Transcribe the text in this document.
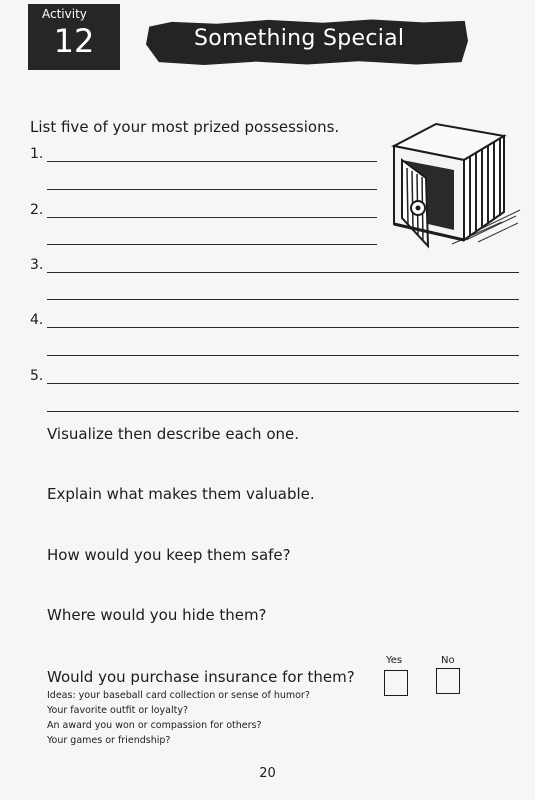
Activity
12	Something Special
List five of your most prized possessions.
1.
2.
3.
4.
5.
Visualize then describe each one.
Explain what makes them valuable.
How would you keep them safe?
Where would you hide them?
Would you purchase insurance for them?
Yes	No
Ideas: your baseball card collection or sense of humor?
Your favorite outfit or loyalty?
An award you won or compassion for others?
Your games or friendship?
20
